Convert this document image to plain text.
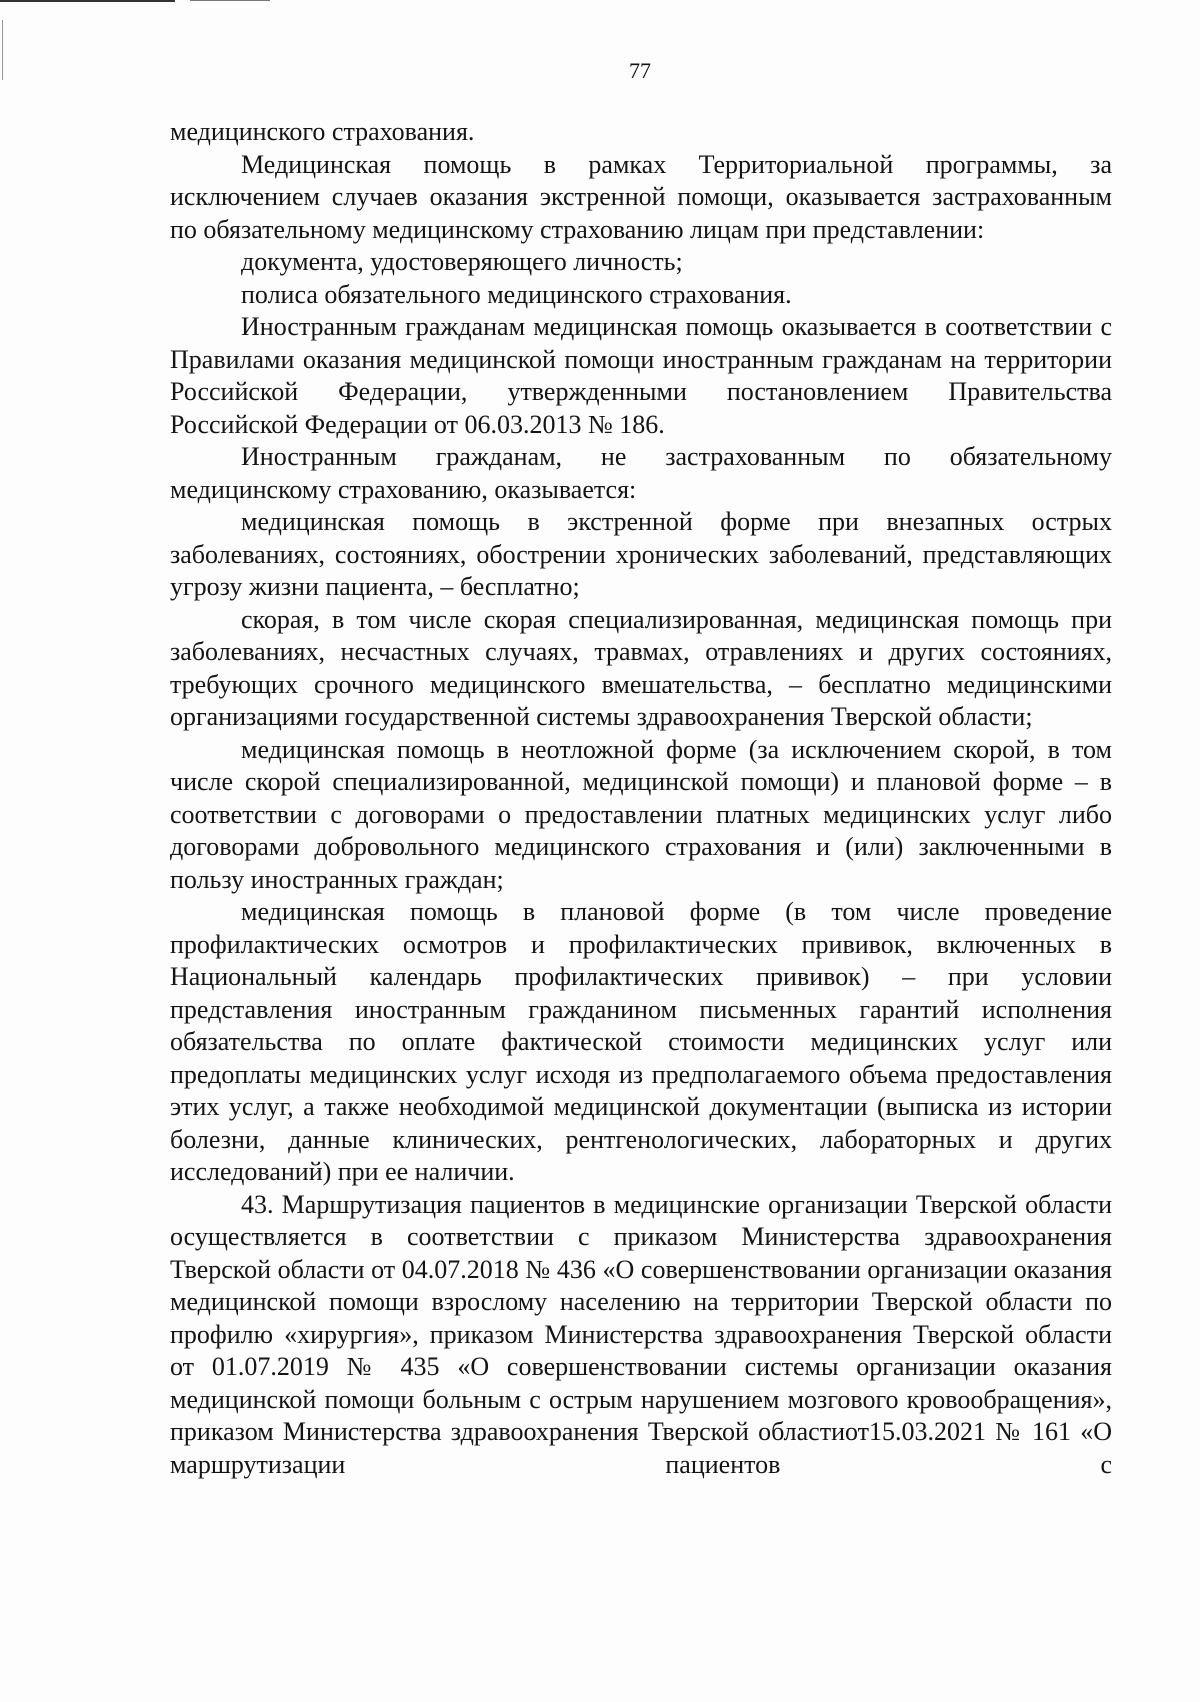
77

медицинского страхования.

Медицинская помощь в рамках Территориальной программы, за исключением случаев оказания экстренной помощи, оказывается застрахованным по обязательному медицинскому страхованию лицам при представлении:

документа, удостоверяющего личность;

полиса обязательного медицинского страхования.

Иностранным гражданам медицинская помощь оказывается в соответствии с Правилами оказания медицинской помощи иностранным гражданам на территории Российской Федерации, утвержденными постановлением Правительства Российской Федерации от 06.03.2013 № 186.

Иностранным гражданам, не застрахованным по обязательному медицинскому страхованию, оказывается:

медицинская помощь в экстренной форме при внезапных острых заболеваниях, состояниях, обострении хронических заболеваний, представляющих угрозу жизни пациента, – бесплатно;

скорая, в том числе скорая специализированная, медицинская помощь при заболеваниях, несчастных случаях, травмах, отравлениях и других состояниях, требующих срочного медицинского вмешательства, – бесплатно медицинскими организациями государственной системы здравоохранения Тверской области;

медицинская помощь в неотложной форме (за исключением скорой, в том числе скорой специализированной, медицинской помощи) и плановой форме – в соответствии с договорами о предоставлении платных медицинских услуг либо договорами добровольного медицинского страхования и (или) заключенными в пользу иностранных граждан;

медицинская помощь в плановой форме (в том числе проведение профилактических осмотров и профилактических прививок, включенных в Национальный календарь профилактических прививок) – при условии представления иностранным гражданином письменных гарантий исполнения обязательства по оплате фактической стоимости медицинских услуг или предоплаты медицинских услуг исходя из предполагаемого объема предоставления этих услуг, а также необходимой медицинской документации (выписка из истории болезни, данные клинических, рентгенологических, лабораторных и других исследований) при ее наличии.

43. Маршрутизация пациентов в медицинские организации Тверской области осуществляется в соответствии с приказом Министерства здравоохранения Тверской области от 04.07.2018 № 436 «О совершенствовании организации оказания медицинской помощи взрослому населению на территории Тверской области по профилю «хирургия», приказом Министерства здравоохранения Тверской области от 01.07.2019 № 435 «О совершенствовании системы организации оказания медицинской помощи больным с острым нарушением мозгового кровообращения», приказом Министерства здравоохранения Тверской областиот15.03.2021 № 161 «О маршрутизации пациентов с
